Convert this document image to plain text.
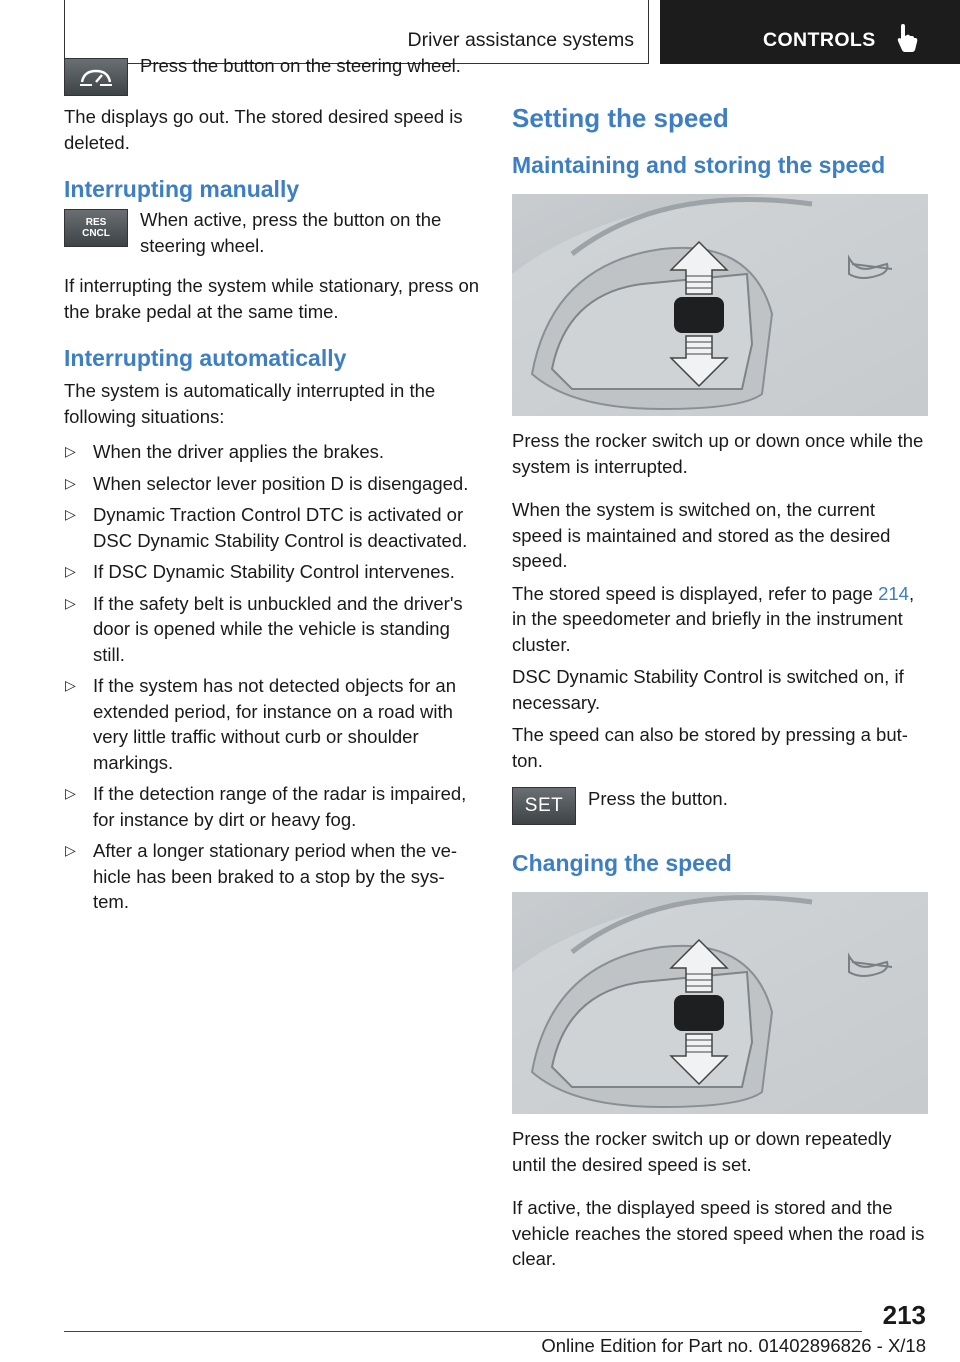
Driver assistance systems	CONTROLS

Press the button on the steering wheel.

The displays go out. The stored desired speed is deleted.

Interrupting manually
RES
CNCL

When active, press the button on the steering wheel.

If interrupting the system while stationary, press on the brake pedal at the same time.

Interrupting automatically

The system is automatically interrupted in the following situations:

▷ When the driver applies the brakes.
▷ When selector lever position D is disengaged.
▷ Dynamic Traction Control DTC is activated or DSC Dynamic Stability Control is deactivated.
▷ If DSC Dynamic Stability Control intervenes.
▷ If the safety belt is unbuckled and the driver's door is opened while the vehicle is standing still.
▷ If the system has not detected objects for an extended period, for instance on a road with very little traffic without curb or shoulder markings.
▷ If the detection range of the radar is impaired, for instance by dirt or heavy fog.
▷ After a longer stationary period when the ve‐hicle has been braked to a stop by the sys‐tem.
Setting the speed
Maintaining and storing the speed

Press the rocker switch up or down once while the system is interrupted.

When the system is switched on, the current speed is maintained and stored as the desired speed.

The stored speed is displayed, refer to page 214, in the speedometer and briefly in the instrument cluster.

DSC Dynamic Stability Control is switched on, if necessary.

The speed can also be stored by pressing a but‐ton.

SET	Press the button.

Changing the speed

Press the rocker switch up or down repeatedly until the desired speed is set.

If active, the displayed speed is stored and the vehicle reaches the stored speed when the road is clear.

213
Online Edition for Part no. 01402896826 - X/18
